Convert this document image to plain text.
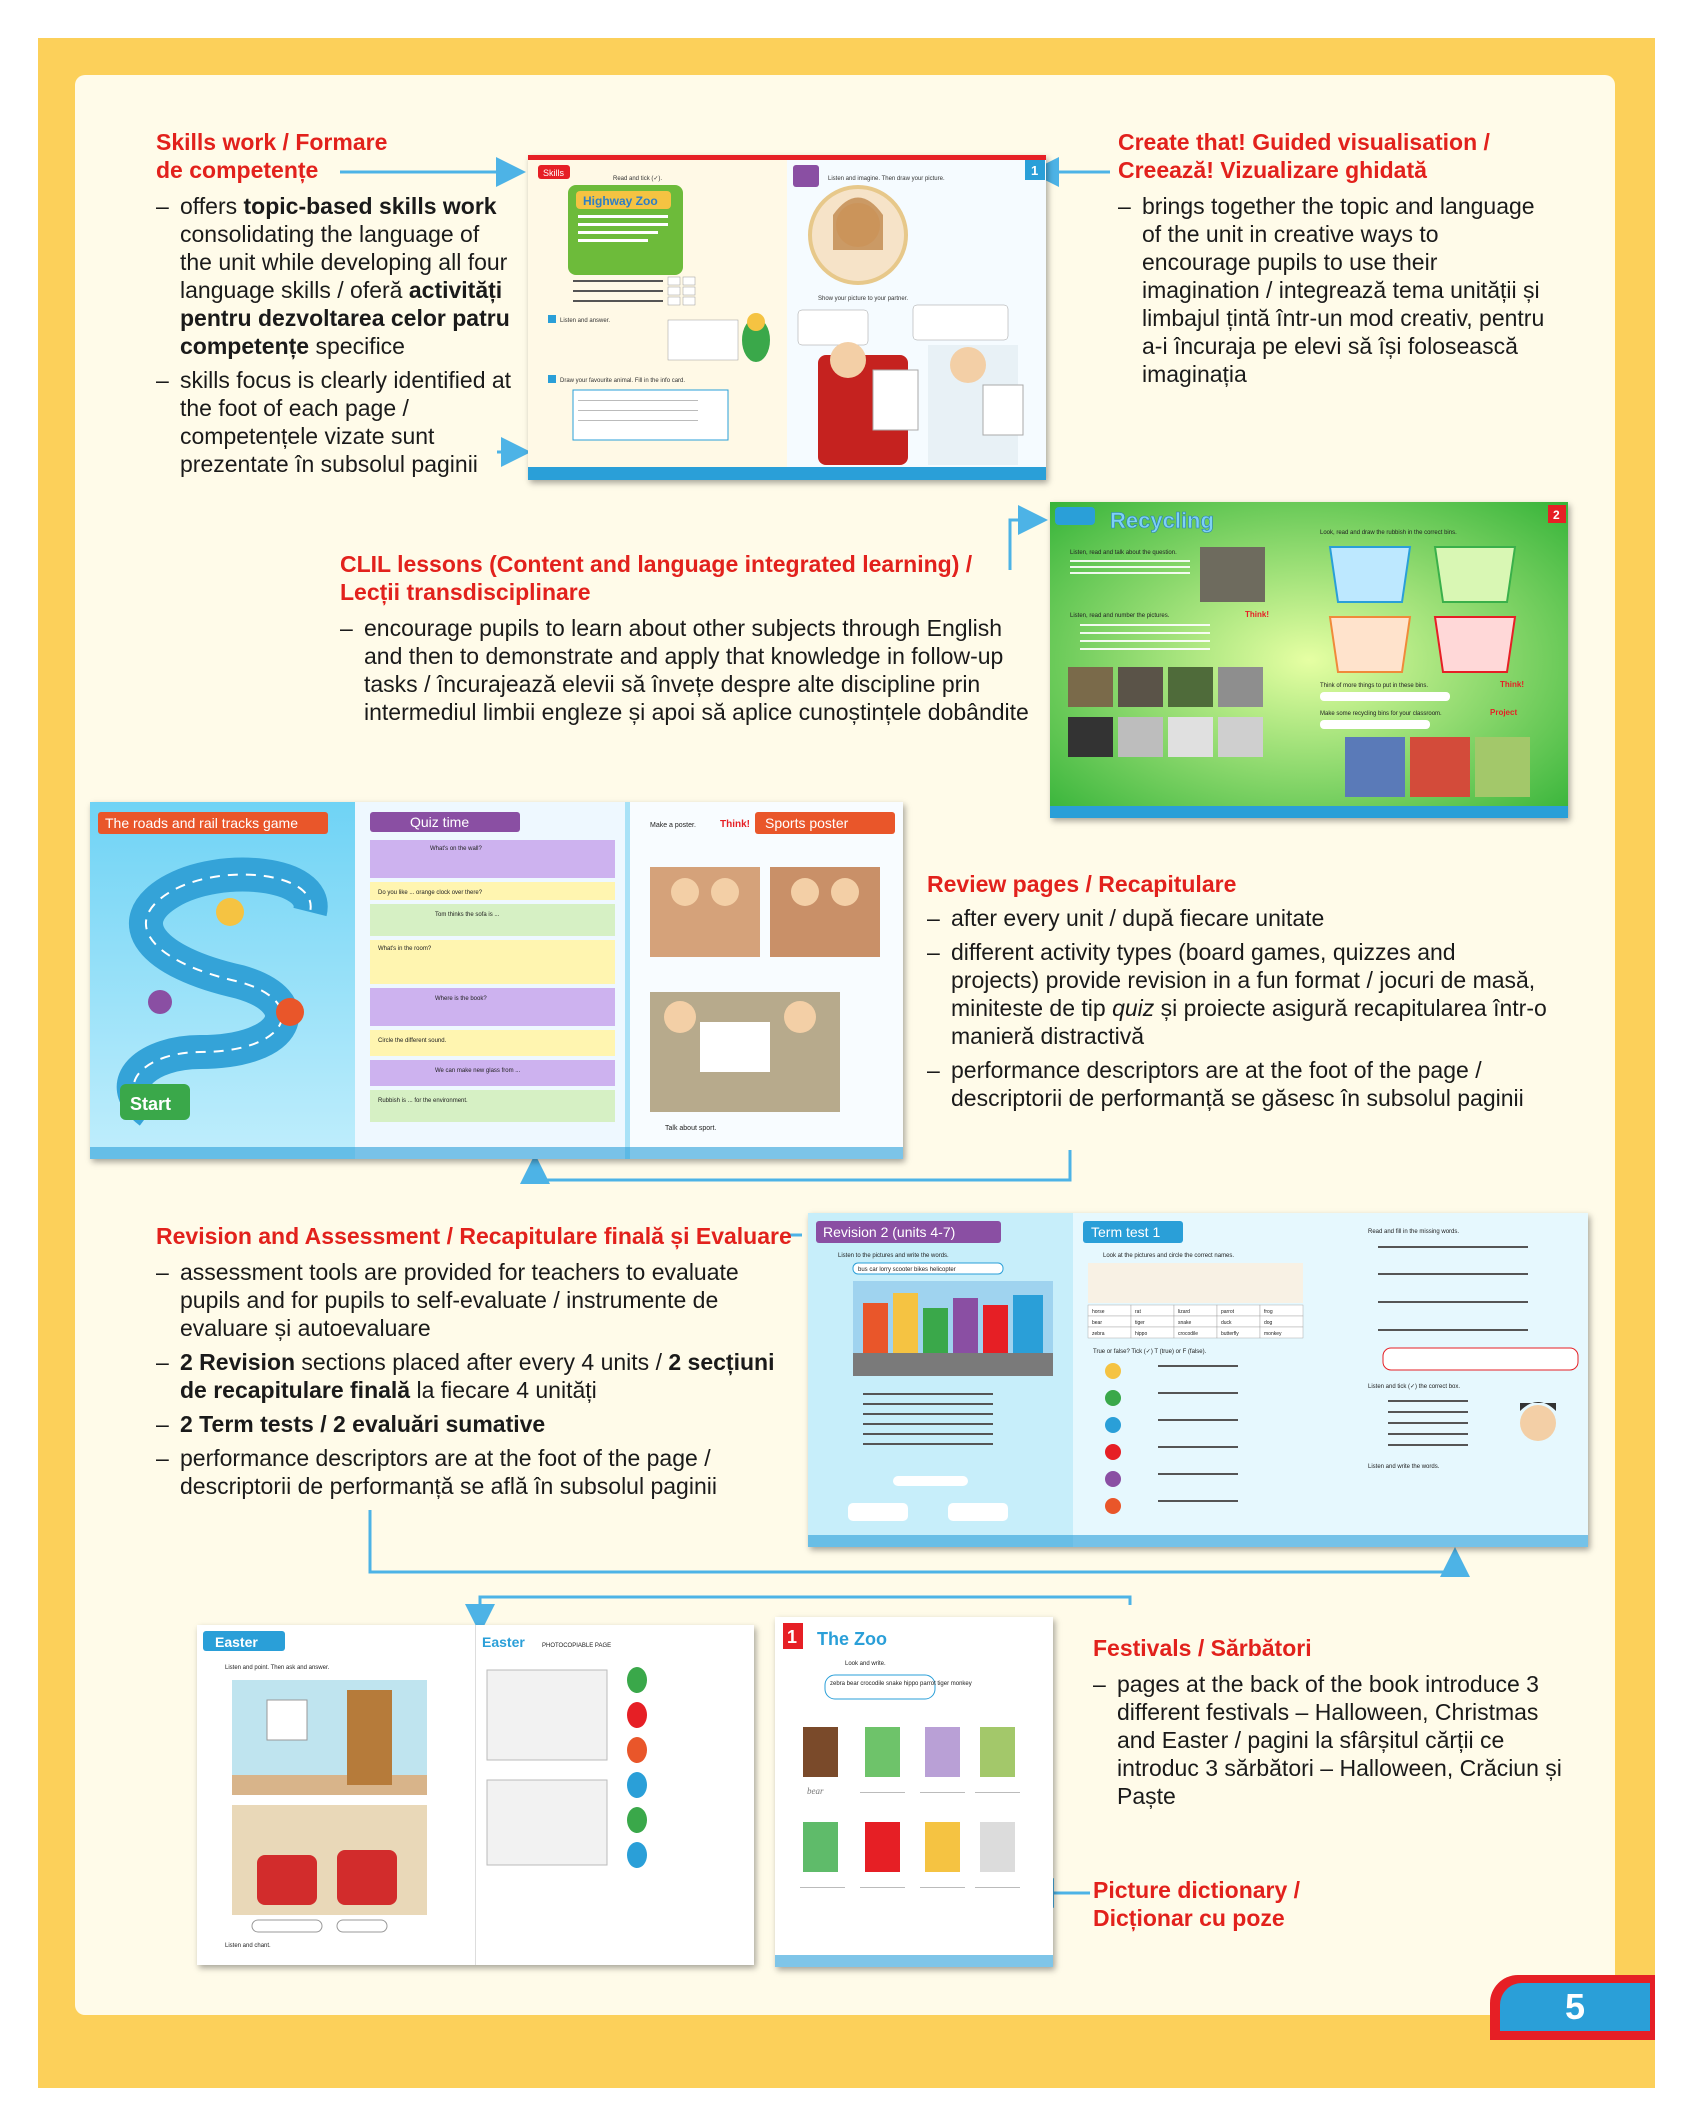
Skills work / Formare
de competențe
– offers topic-based skills work consolidating the language of the unit while developing all four language skills / oferă activități pentru dezvoltarea celor patru competențe specifice
– skills focus is clearly identified at the foot of each page / competențele vizate sunt prezentate în subsolul paginii
Create that! Guided visualisation /
Creează! Vizualizare ghidată
– brings together the topic and language of the unit in creative ways to encourage pupils to use their imagination / integrează tema unității și limbajul țintă într-un mod creativ, pentru a-i încuraja pe elevi să își folosească imaginația
CLIL lessons (Content and language integrated learning) /
Lecții transdisciplinare
– encourage pupils to learn about other subjects through English and then to demonstrate and apply that knowledge in follow-up tasks / încurajează elevii să învețe despre alte discipline prin intermediul limbii engleze și apoi să aplice cunoștințele dobândite
Review pages / Recapitulare
– after every unit / după fiecare unitate
– different activity types (board games, quizzes and projects) provide revision in a fun format / jocuri de masă, miniteste de tip quiz și proiecte asigură recapitularea într-o manieră distractivă
– performance descriptors are at the foot of the page / descriptorii de performanță se găsesc în subsolul paginii
Revision and Assessment / Recapitulare finală și Evaluare
– assessment tools are provided for teachers to evaluate pupils and for pupils to self-evaluate / instrumente de evaluare și autoevaluare
– 2 Revision sections placed after every 4 units / 2 secțiuni de recapitulare finală la fiecare 4 unități
– 2 Term tests / 2 evaluări sumative
– performance descriptors are at the foot of the page / descriptorii de performanță se află în subsolul paginii
Festivals / Sărbători
– pages at the back of the book introduce 3 different festivals – Halloween, Christmas and Easter / pagini la sfârșitul cărții ce introduc 3 sărbători – Halloween, Crăciun și Paște
Picture dictionary /
Dicționar cu poze
Skills
Highway Zoo
Read and tick (✓).
Listen and answer.
Draw your favourite animal. Fill in the info card.
Listen and imagine. Then draw your picture.
1
Show your picture to your partner.
Recycling	2
Listen, read and talk about the question.
Listen, read and number the pictures.	Think!
Look, read and draw the rubbish in the correct bins.
Think of more things to put in these bins.	Think!
Make some recycling bins for your classroom.	Project
The roads and rail tracks game
Start
Quiz time
What's on the wall?
Do you like ... orange clock over there?
Tom thinks the sofa is ...
What's in the room?
Where is the book?
Circle the different sound.
We can make new glass from ...
Rubbish is ... for the environment.
Make a poster. Think! Sports poster
Talk about sport.
Revision 2 (units 4-7)
Listen to the pictures and write the words.
bus car lorry scooter bikes helicopter
Term test 1
Look at the pictures and circle the correct names.
horse	rat	lizard	parrot	frog
bear	tiger	snake	duck	dog
zebra	hippo	crocodile	butterfly	monkey
True or false? Tick (✓) T (true) or F (false).
Read and fill in the missing words.
Listen and tick (✓) the correct box.
Listen and write the words.
Easter
Listen and point. Then ask and answer.
Listen and chant.
Easter	PHOTOCOPIABLE PAGE	1 The Zoo
Look and write.
zebra bear crocodile snake hippo parrot tiger monkey
bear
5
